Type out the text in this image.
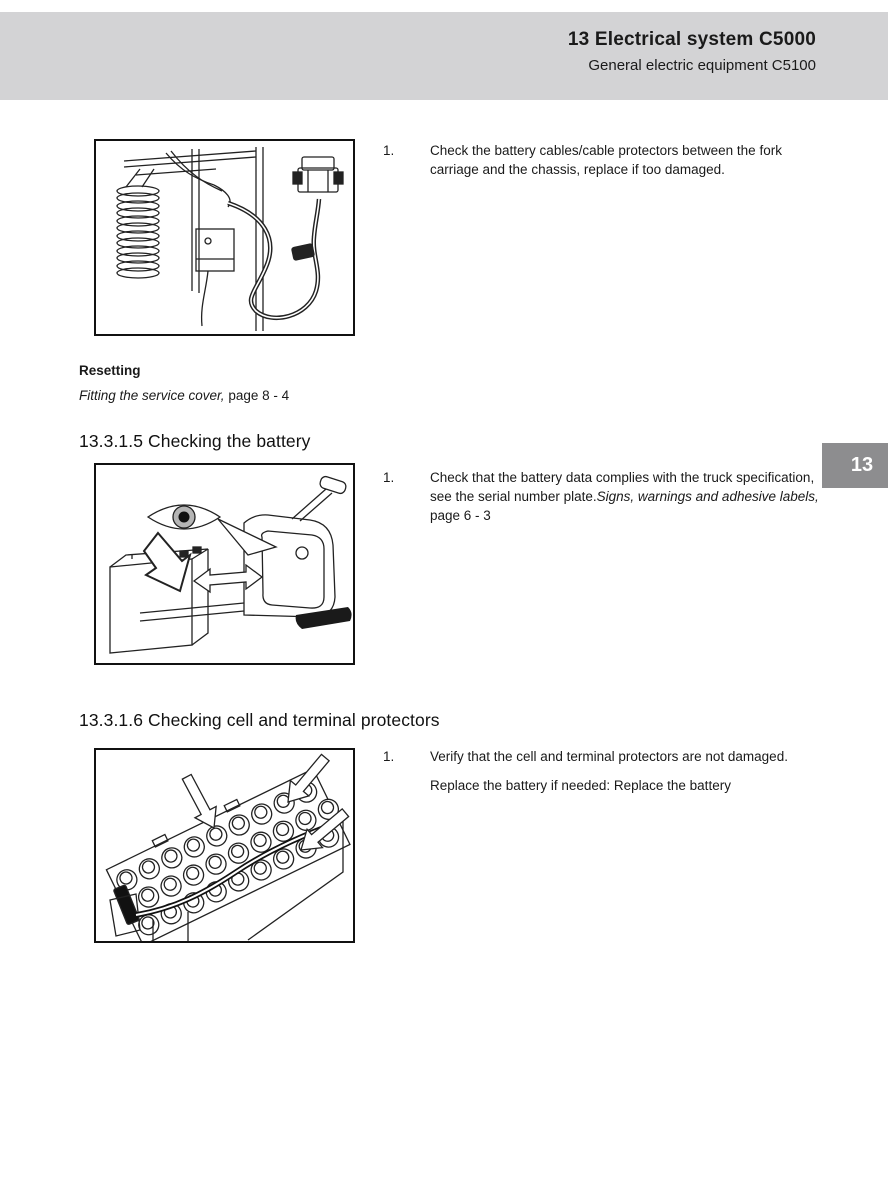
13 Electrical system C5000
General electric equipment C5100
13
1.	Check the battery cables/cable protectors between the fork carriage and the chassis, replace if too damaged.
Resetting
Fitting the service cover, page 8 - 4
13.3.1.5 Checking the battery
1.	Check that the battery data complies with the truck specification, see the serial number plate.Signs, warnings and adhesive labels, page 6 - 3
13.3.1.6 Checking cell and terminal protectors
1.	Verify that the cell and terminal protectors are not damaged.
Replace the battery if needed: Replace the battery
